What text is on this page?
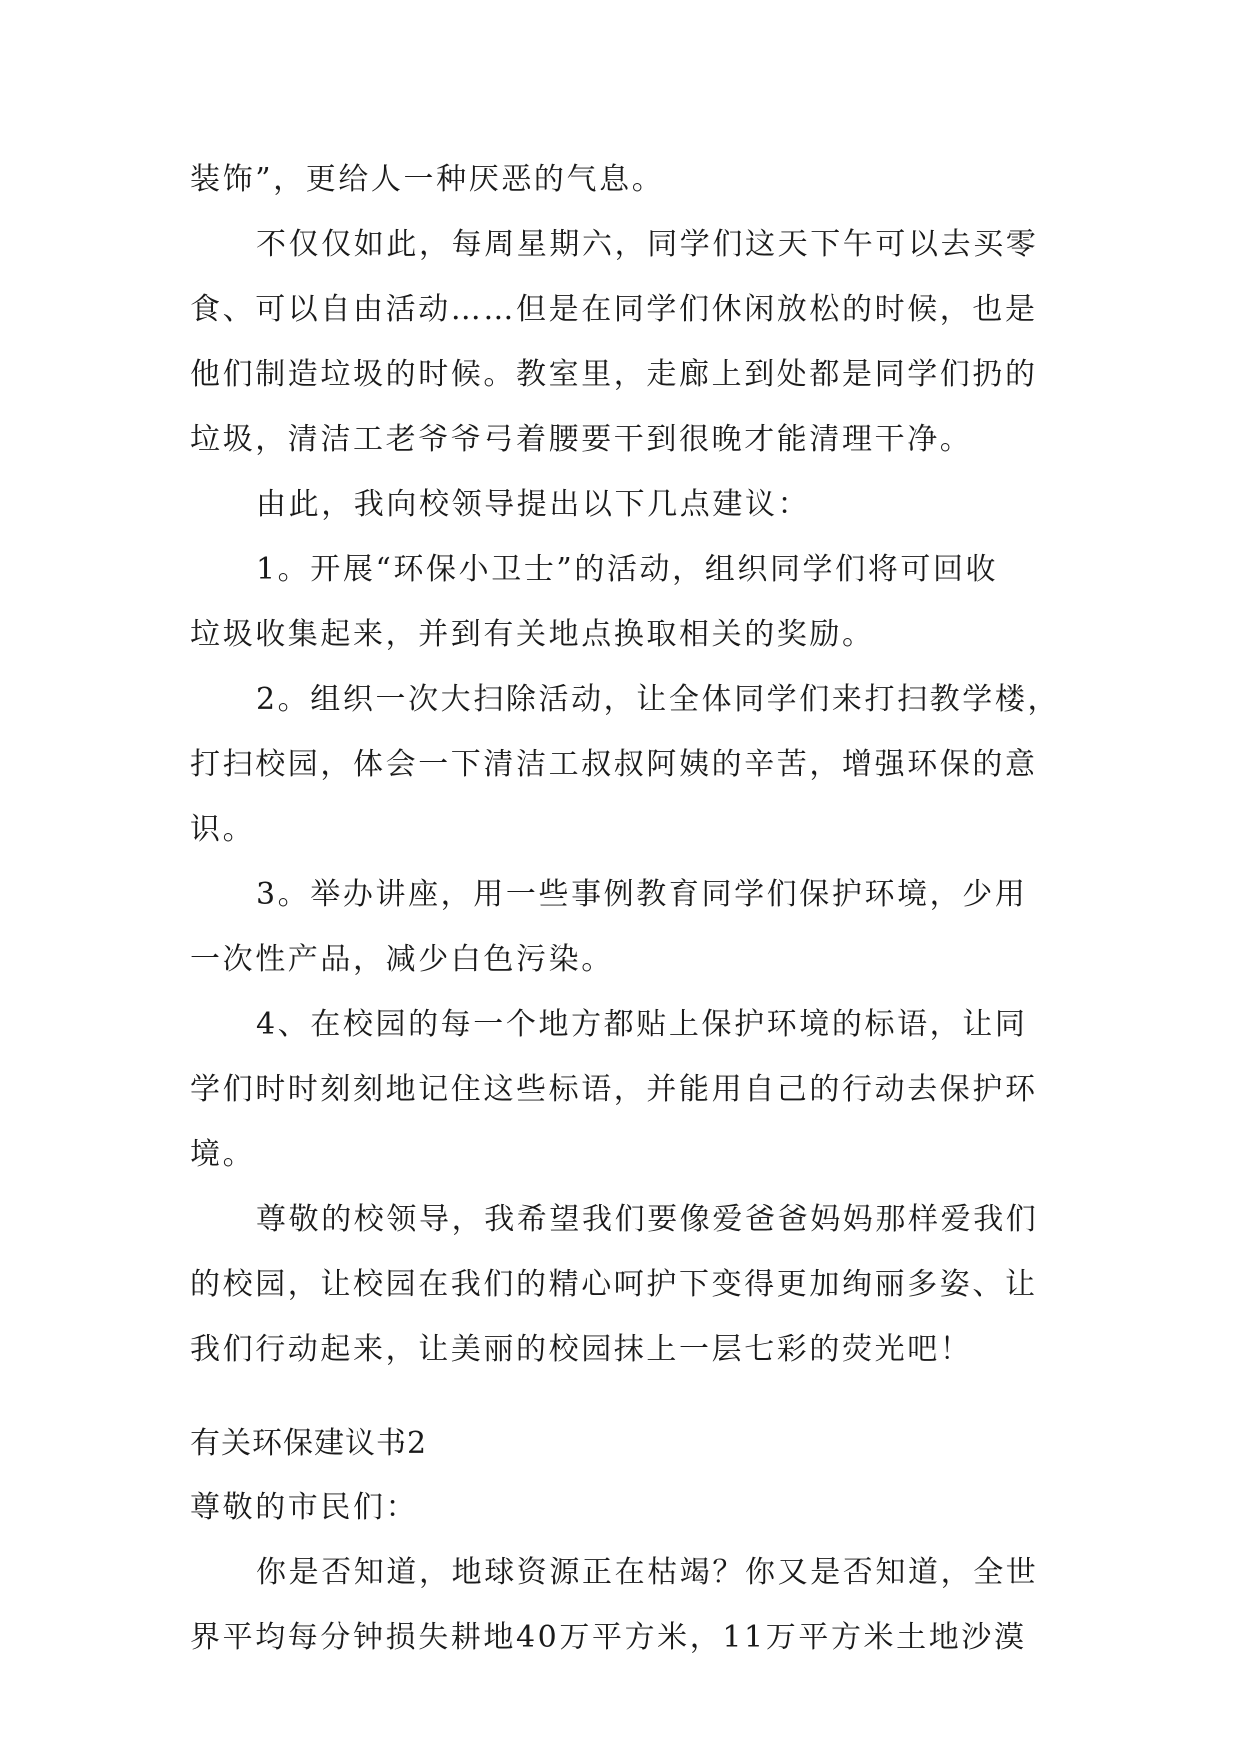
装饰”，更给人一种厌恶的气息。
不仅仅如此，每周星期六，同学们这天下午可以去买零
食、可以自由活动……但是在同学们休闲放松的时候，也是
他们制造垃圾的时候。教室里，走廊上到处都是同学们扔的
垃圾，清洁工老爷爷弓着腰要干到很晚才能清理干净。
由此，我向校领导提出以下几点建议：
1。开展“环保小卫士”的活动，组织同学们将可回收
垃圾收集起来，并到有关地点换取相关的奖励。
2。组织一次大扫除活动，让全体同学们来打扫教学楼，
打扫校园，体会一下清洁工叔叔阿姨的辛苦，增强环保的意
识。
3。举办讲座，用一些事例教育同学们保护环境，少用
一次性产品，减少白色污染。
4、在校园的每一个地方都贴上保护环境的标语，让同
学们时时刻刻地记住这些标语，并能用自己的行动去保护环
境。
尊敬的校领导，我希望我们要像爱爸爸妈妈那样爱我们
的校园，让校园在我们的精心呵护下变得更加绚丽多姿、让
我们行动起来，让美丽的校园抹上一层七彩的荧光吧！
有关环保建议书2
尊敬的市民们：
你是否知道，地球资源正在枯竭？你又是否知道，全世
界平均每分钟损失耕地40万平方米，11万平方米土地沙漠
